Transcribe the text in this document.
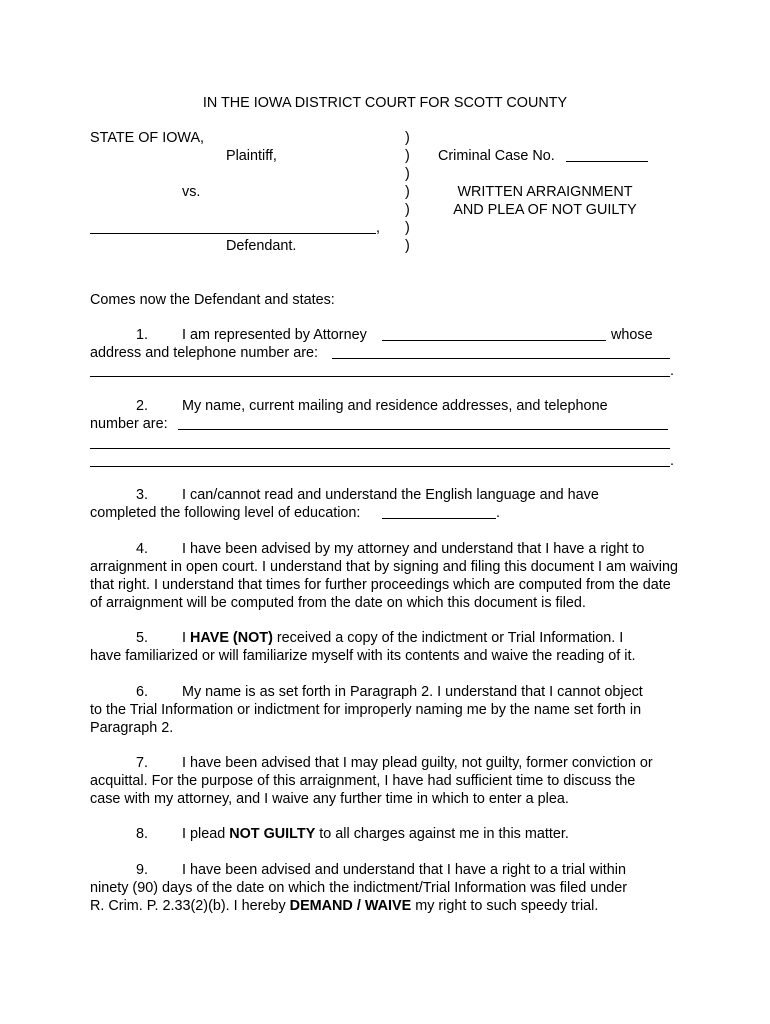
IN THE IOWA DISTRICT COURT FOR SCOTT COUNTY
STATE OF IOWA,
Plaintiff,
vs.
,
Defendant.
)
)
)
)
)
)
)
Criminal Case No.
WRITTEN ARRAIGNMENT
AND PLEA OF NOT GUILTY
Comes now the Defendant and states:
1. I am represented by Attorney	whose
address and telephone number are:
.
2. My name, current mailing and residence addresses, and telephone
number are:
.
3. I can/cannot read and understand the English language and have
completed the following level of education:	.
4. I have been advised by my attorney and understand that I have a right to
arraignment in open court. I understand that by signing and filing this document I am waiving
that right. I understand that times for further proceedings which are computed from the date
of arraignment will be computed from the date on which this document is filed.
5. I HAVE (NOT) received a copy of the indictment or Trial Information. I
have familiarized or will familiarize myself with its contents and waive the reading of it.
6. My name is as set forth in Paragraph 2. I understand that I cannot object
to the Trial Information or indictment for improperly naming me by the name set forth in
Paragraph 2.
7. I have been advised that I may plead guilty, not guilty, former conviction or
acquittal. For the purpose of this arraignment, I have had sufficient time to discuss the
case with my attorney, and I waive any further time in which to enter a plea.
8. I plead NOT GUILTY to all charges against me in this matter.
9. I have been advised and understand that I have a right to a trial within
ninety (90) days of the date on which the indictment/Trial Information was filed under
R. Crim. P. 2.33(2)(b). I hereby DEMAND / WAIVE my right to such speedy trial.
